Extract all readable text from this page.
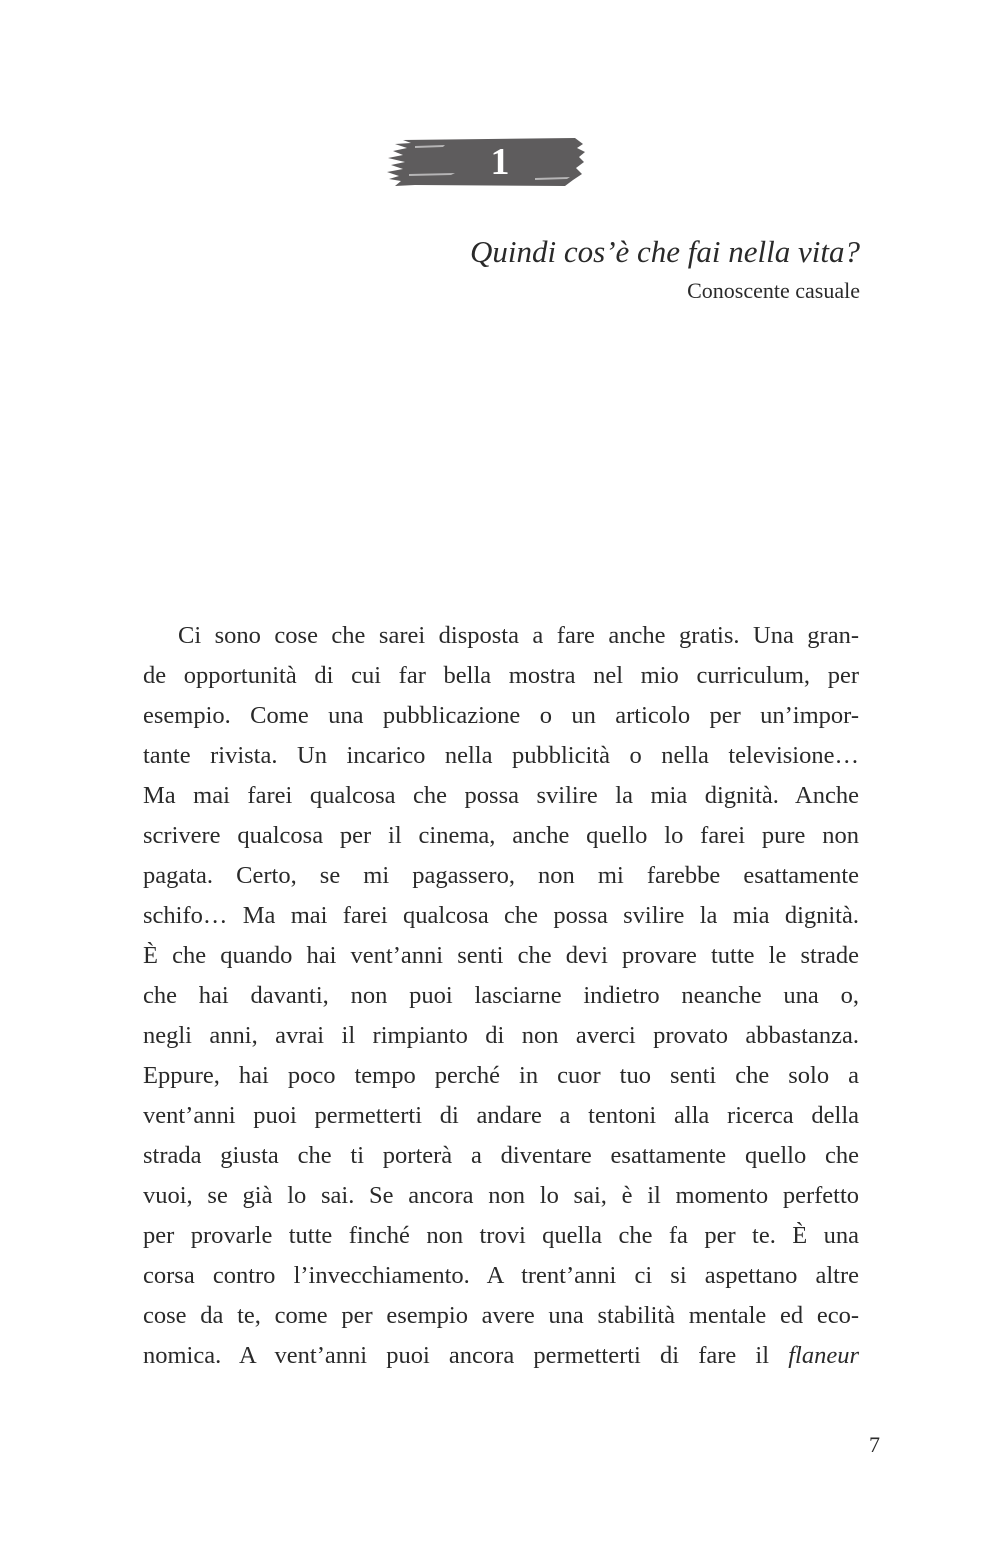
1
Quindi cos’è che fai nella vita?
Conoscente casuale
Ci sono cose che sarei disposta a fare anche gratis. Una gran-
de opportunità di cui far bella mostra nel mio curriculum, per
esempio. Come una pubblicazione o un articolo per un’impor-
tante rivista. Un incarico nella pubblicità o nella televisione…
Ma mai farei qualcosa che possa svilire la mia dignità. Anche
scrivere qualcosa per il cinema, anche quello lo farei pure non
pagata. Certo, se mi pagassero, non mi farebbe esattamente
schifo… Ma mai farei qualcosa che possa svilire la mia dignità.
È che quando hai vent’anni senti che devi provare tutte le strade
che hai davanti, non puoi lasciarne indietro neanche una o,
negli anni, avrai il rimpianto di non averci provato abbastanza.
Eppure, hai poco tempo perché in cuor tuo senti che solo a
vent’anni puoi permetterti di andare a tentoni alla ricerca della
strada giusta che ti porterà a diventare esattamente quello che
vuoi, se già lo sai. Se ancora non lo sai, è il momento perfetto
per provarle tutte finché non trovi quella che fa per te. È una
corsa contro l’invecchiamento. A trent’anni ci si aspettano altre
cose da te, come per esempio avere una stabilità mentale ed eco-
nomica. A vent’anni puoi ancora permetterti di fare il flaneur
7
